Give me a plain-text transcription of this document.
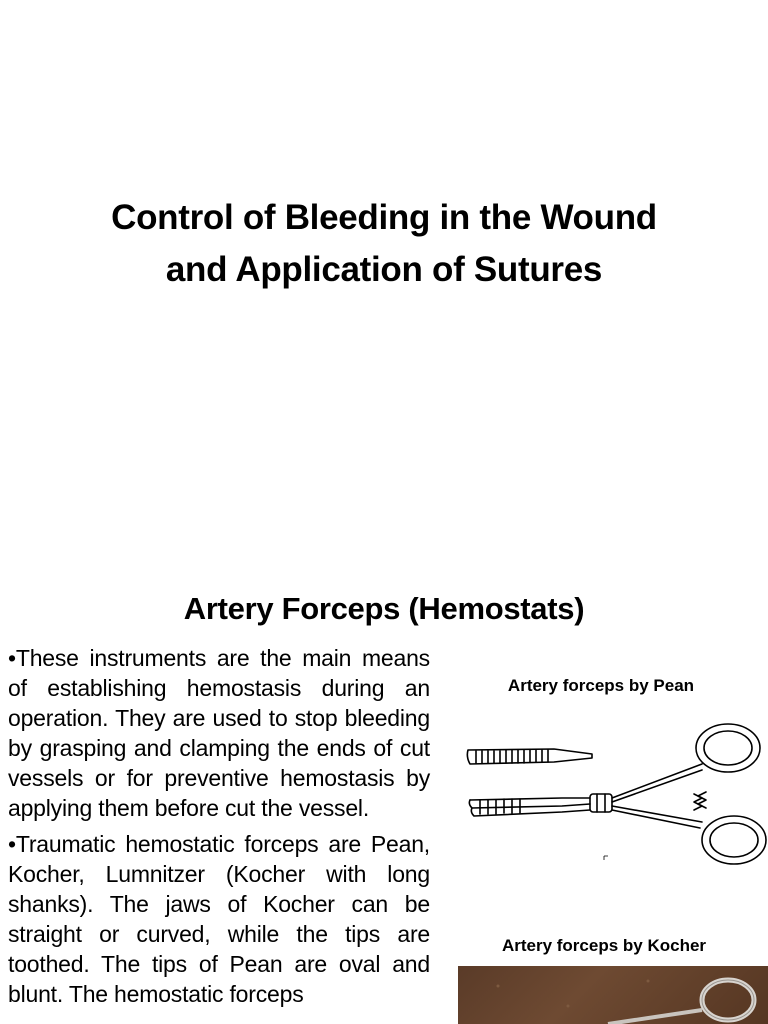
Control of Bleeding in the Wound
and Application of Sutures
Artery Forceps (Hemostats)

•These instruments are the main means of establishing hemostasis during an operation. They are used to stop bleeding by grasping and clamping the ends of cut vessels or for preventive hemostasis by applying them before cut the vessel.

•Traumatic hemostatic forceps are Pean, Kocher, Lumnitzer (Kocher with long shanks). The jaws of Kocher can be straight or curved, while the tips are toothed. The tips of Pean are oval and blunt. The hemostatic forceps

Artery forceps by Pean
Artery forceps by Kocher
